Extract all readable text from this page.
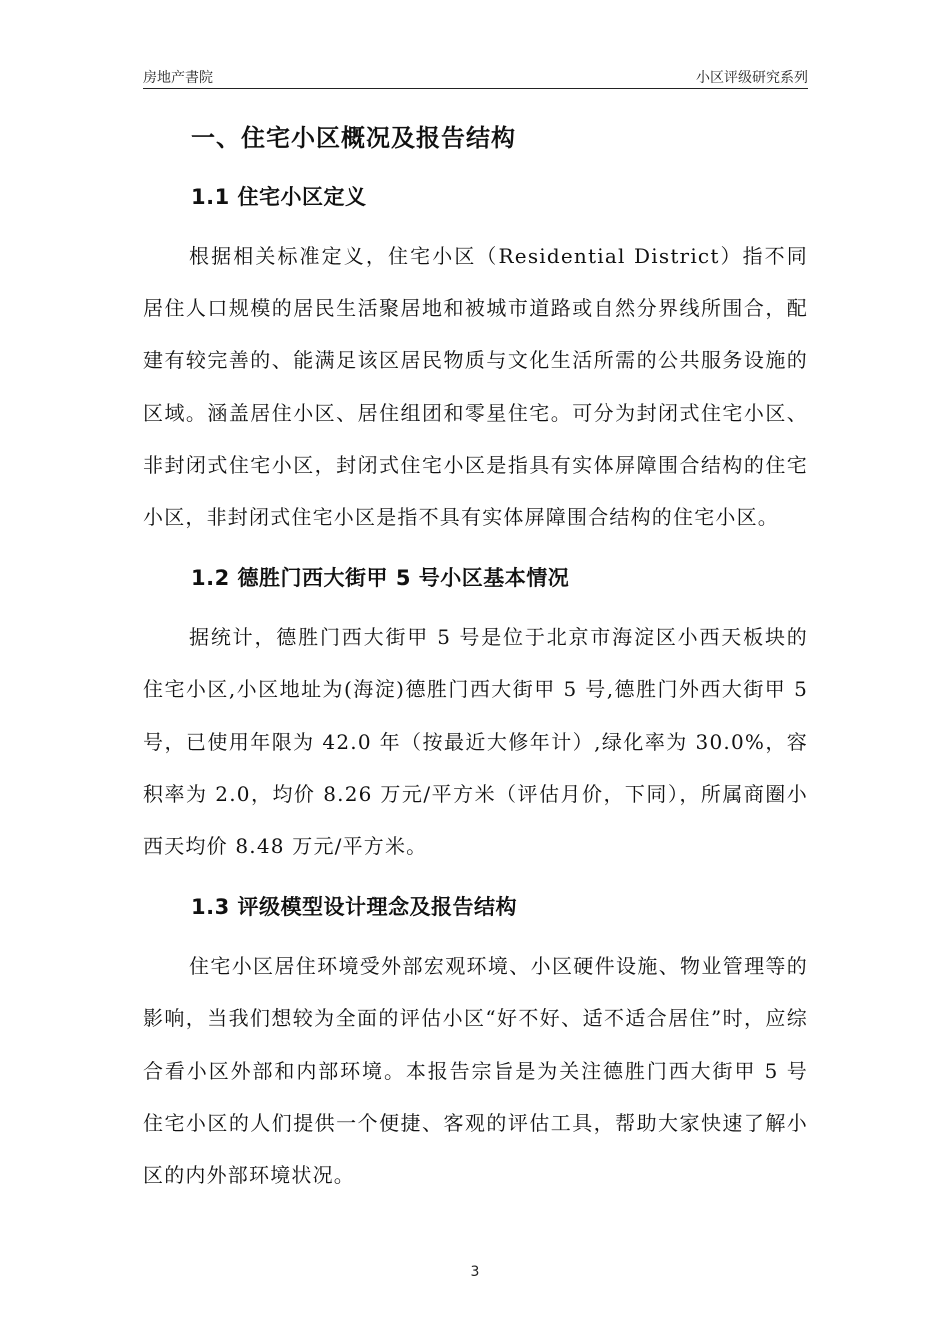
房地产書院	小区评级研究系列
一、住宅小区概况及报告结构
1.1 住宅小区定义

根据相关标准定义，住宅小区（Residential District）指不同居住人口规模的居民生活聚居地和被城市道路或自然分界线所围合，配建有较完善的、能满足该区居民物质与文化生活所需的公共服务设施的区域。涵盖居住小区、居住组团和零星住宅。可分为封闭式住宅小区、非封闭式住宅小区，封闭式住宅小区是指具有实体屏障围合结构的住宅小区，非封闭式住宅小区是指不具有实体屏障围合结构的住宅小区。

1.2 德胜门西大街甲 5 号小区基本情况

据统计，德胜门西大街甲 5 号是位于北京市海淀区小西天板块的住宅小区,小区地址为(海淀)德胜门西大街甲 5 号,德胜门外西大街甲 5 号，已使用年限为 42.0 年（按最近大修年计）,绿化率为 30.0%，容积率为 2.0，均价 8.26 万元/平方米（评估月价，下同），所属商圈小西天均价 8.48 万元/平方米。

1.3 评级模型设计理念及报告结构

住宅小区居住环境受外部宏观环境、小区硬件设施、物业管理等的影响，当我们想较为全面的评估小区“好不好、适不适合居住”时，应综合看小区外部和内部环境。本报告宗旨是为关注德胜门西大街甲 5 号住宅小区的人们提供一个便捷、客观的评估工具，帮助大家快速了解小区的内外部环境状况。

3
